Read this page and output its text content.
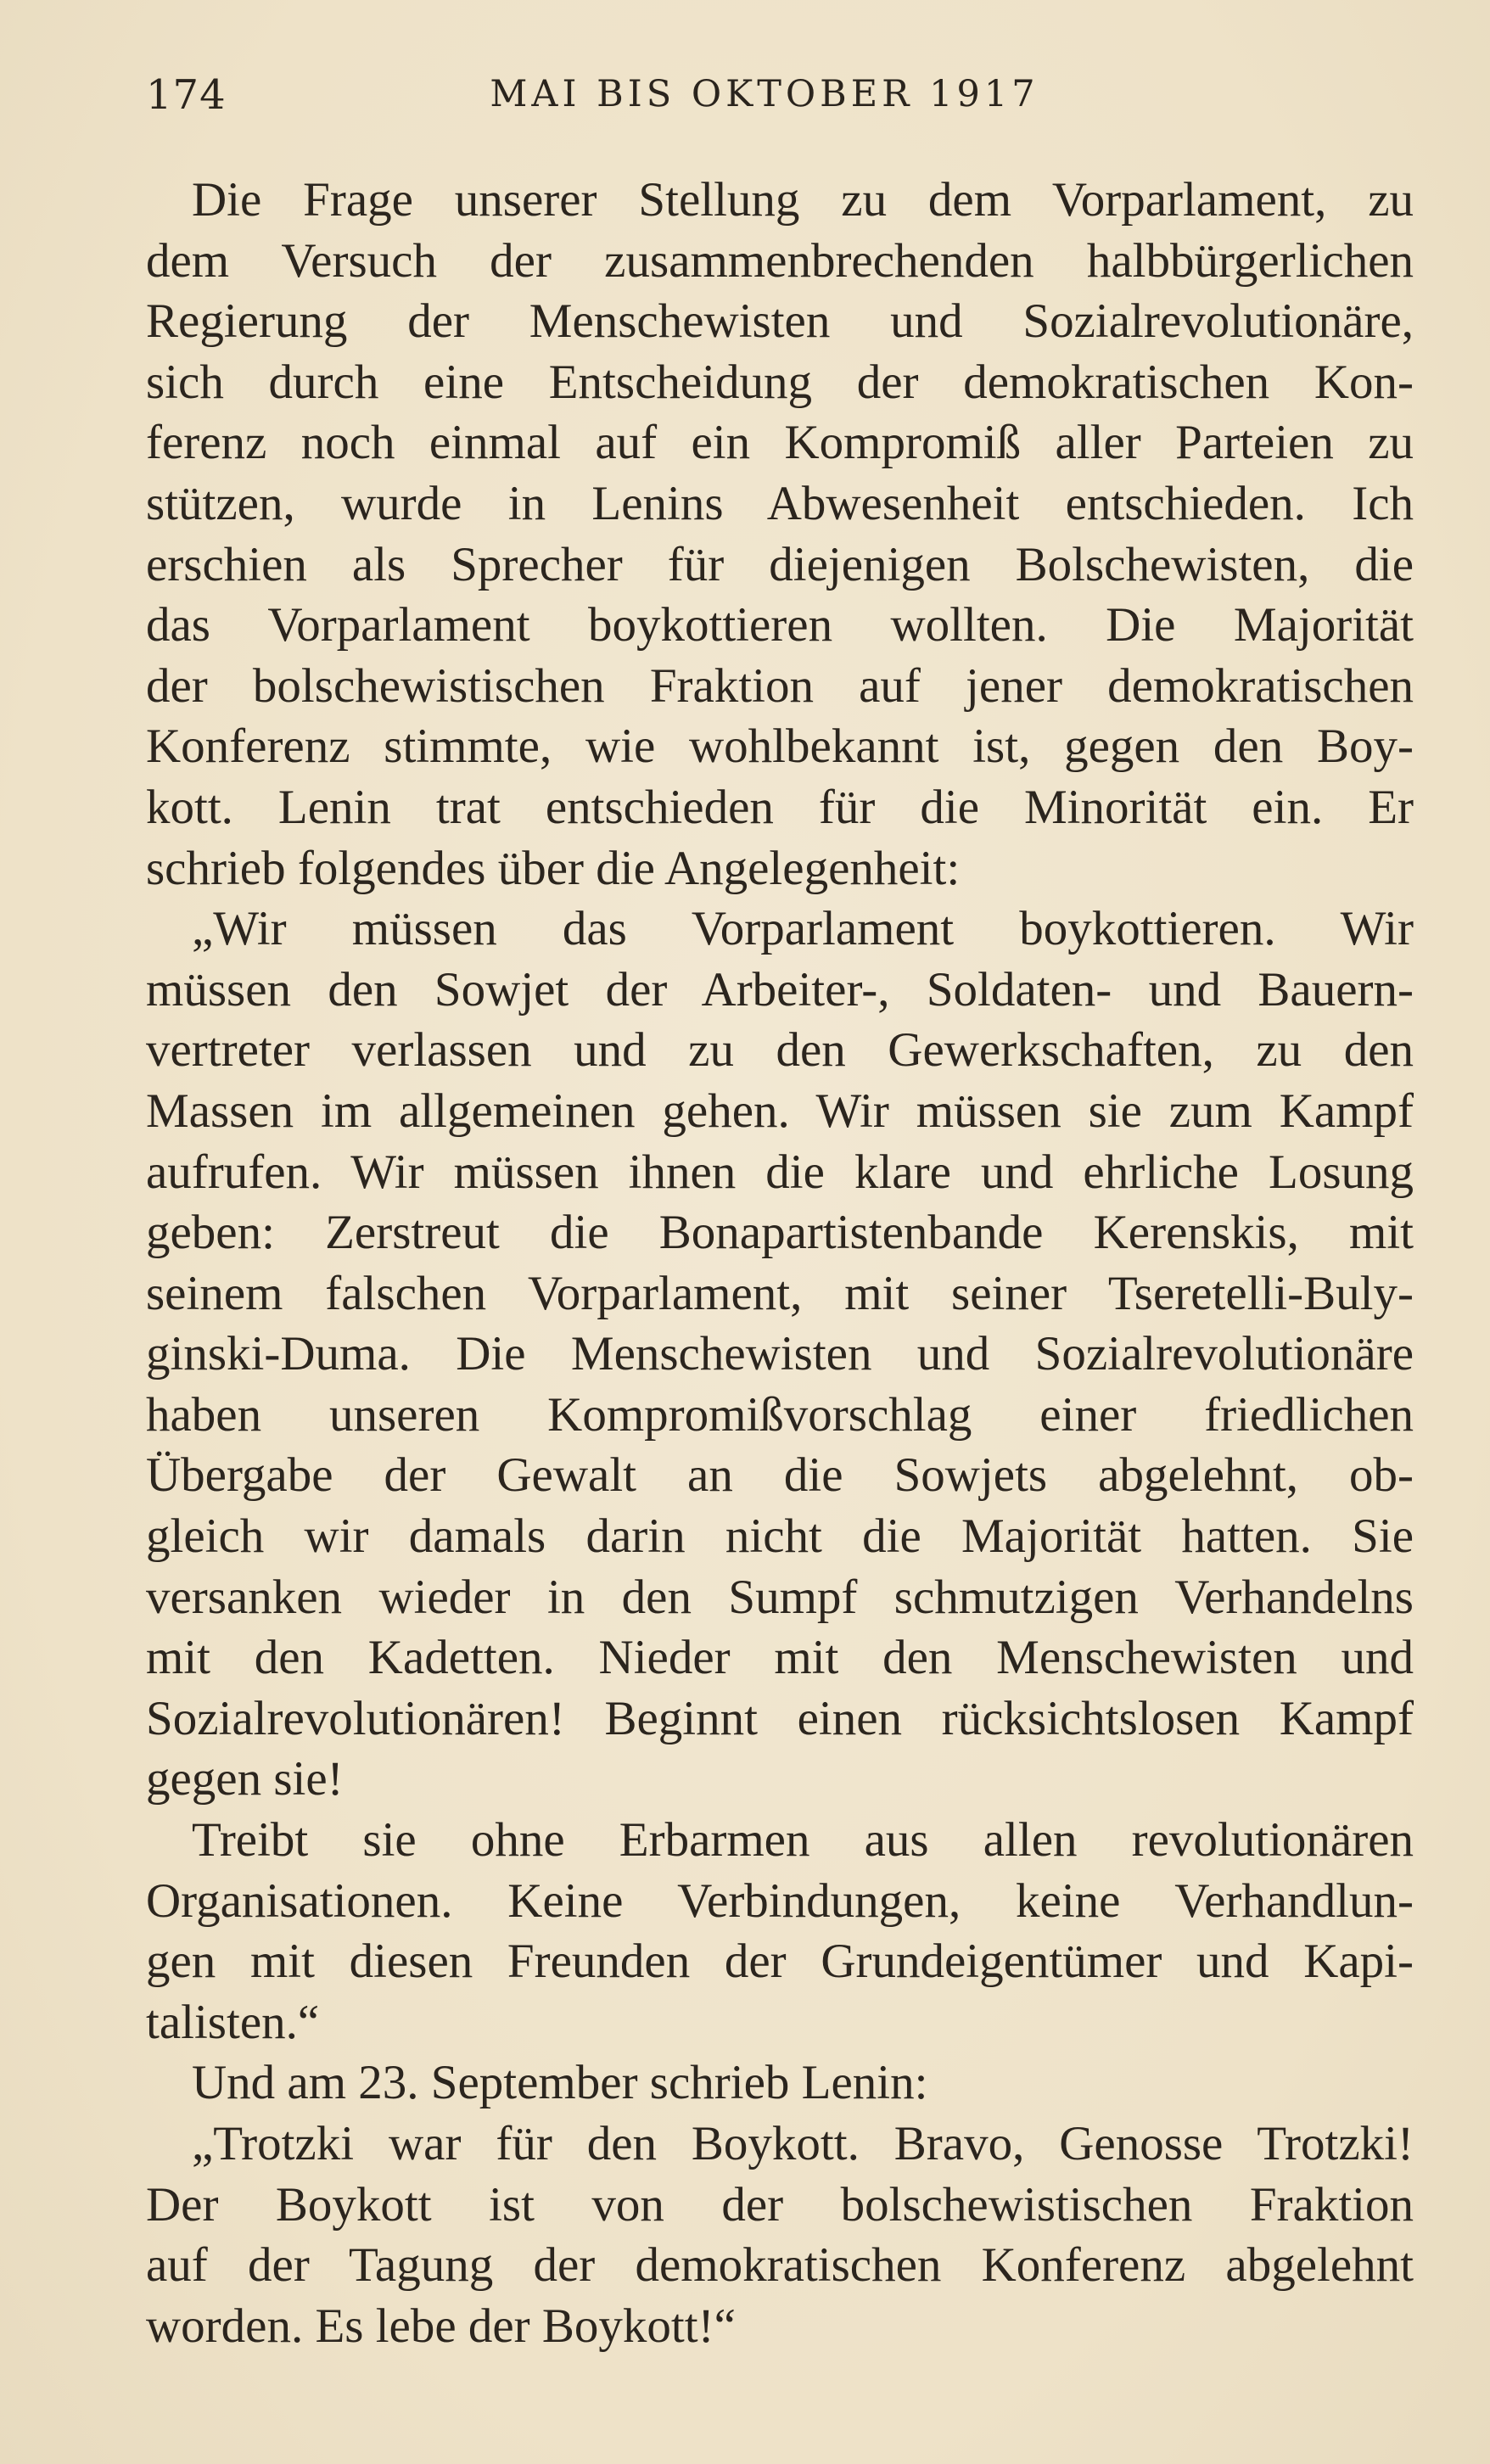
174	MAI BIS OKTOBER 1917
Die Frage unserer Stellung zu dem Vorparlament, zu
dem Versuch der zusammenbrechenden halbbürgerlichen
Regierung der Menschewisten und Sozialrevolutionäre,
sich durch eine Entscheidung der demokratischen Kon-
ferenz noch einmal auf ein Kompromiß aller Parteien zu
stützen, wurde in Lenins Abwesenheit entschieden. Ich
erschien als Sprecher für diejenigen Bolschewisten, die
das Vorparlament boykottieren wollten. Die Majorität
der bolschewistischen Fraktion auf jener demokratischen
Konferenz stimmte, wie wohlbekannt ist, gegen den Boy-
kott. Lenin trat entschieden für die Minorität ein. Er
schrieb folgendes über die Angelegenheit:
„Wir müssen das Vorparlament boykottieren. Wir
müssen den Sowjet der Arbeiter-, Soldaten- und Bauern-
vertreter verlassen und zu den Gewerkschaften, zu den
Massen im allgemeinen gehen. Wir müssen sie zum Kampf
aufrufen. Wir müssen ihnen die klare und ehrliche Losung
geben: Zerstreut die Bonapartistenbande Kerenskis, mit
seinem falschen Vorparlament, mit seiner Tseretelli-Buly-
ginski-Duma. Die Menschewisten und Sozialrevolutionäre
haben unseren Kompromißvorschlag einer friedlichen
Übergabe der Gewalt an die Sowjets abgelehnt, ob-
gleich wir damals darin nicht die Majorität hatten. Sie
versanken wieder in den Sumpf schmutzigen Verhandelns
mit den Kadetten. Nieder mit den Menschewisten und
Sozialrevolutionären! Beginnt einen rücksichtslosen Kampf
gegen sie!
Treibt sie ohne Erbarmen aus allen revolutionären
Organisationen. Keine Verbindungen, keine Verhandlun-
gen mit diesen Freunden der Grundeigentümer und Kapi-
talisten.“
Und am 23. September schrieb Lenin:
„Trotzki war für den Boykott. Bravo, Genosse Trotzki!
Der Boykott ist von der bolschewistischen Fraktion
auf der Tagung der demokratischen Konferenz abgelehnt
worden. Es lebe der Boykott!“
